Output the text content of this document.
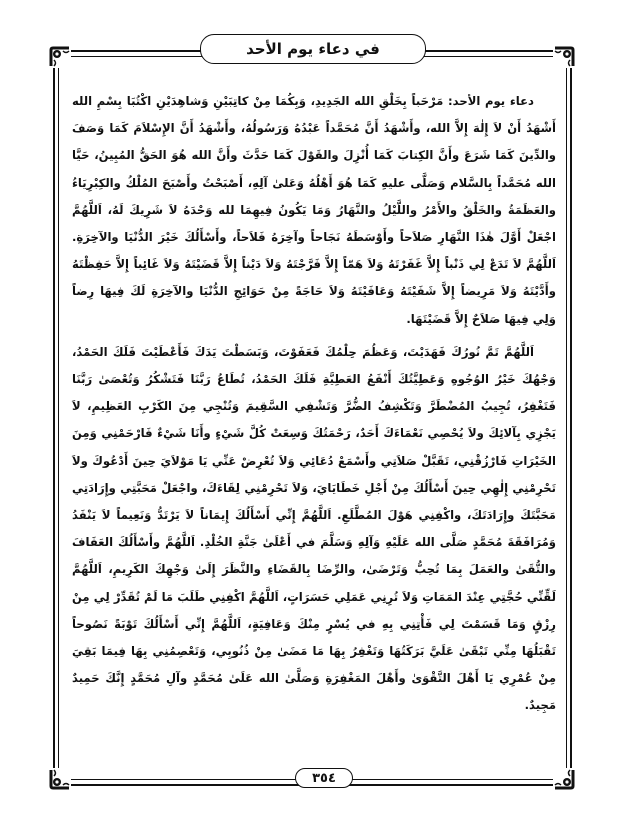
في دعاء يوم الأحد

دعاء يوم الأحد: مَرْحَباً بِخَلْقِ الله الجَدِيدِ، وَبِكُمَا مِنْ كاتِبَيْنِ وَشاهِدَيْنِ اكْتُبَا بِسْمِ الله أَشْهَدُ أَنْ لاَ إِلٰهَ إِلاَّ الله، وأَشْهَدُ أَنَّ مُحَمَّداً عَبْدُهُ وَرَسُولُهُ، وأَشْهَدُ أَنَّ الإِسْلاَمَ كَمَا وَصَفَ والدِّينَ كَمَا شَرَعَ وأَنَّ الكِتابَ كَمَا أُنْزِلَ والقَوْلَ كَمَا حَدَّثَ وأَنَّ الله هُوَ الحَقُّ المُبِينُ، حَيَّا الله مُحَمَّداً بِالسَّلام وَصَلَّى عليهِ كَمَا هُوَ أَهْلُهُ وَعَلىٰ آلِهِ، أَصْبَحْتُ وأَصْبَحَ المُلْكُ والكِبْرِيَاءُ والعَظَمَةُ والخَلْقُ والأَمْرُ واللَّيْلُ والنَّهَارُ وَمَا يَكُونُ فِيهِمَا لله وَحْدَهُ لاَ شَرِيكَ لَهُ، اَللَّهُمَّ اجْعَلْ أَوَّلَ هٰذَا النَّهَارِ صَلاَحاً وأَوْسَطَهُ نَجَاحاً وآخِرَهُ فَلاَحاً، وأَسْأَلُكَ خَيْرَ الدُّنْيَا والآخِرَةِ. اَللَّهُمَّ لاَ تَدَعْ لِي ذَنْباً إِلاَّ غَفَرْتَهُ وَلاَ هَمّاً إِلاَّ فَرَّجْتَهُ وَلاَ دَيْناً إِلاَّ قَضَيْتَهُ وَلاَ غَائِباً إِلاَّ حَفِظْتَهُ وأَدَّيْتَهُ وَلاَ مَرِيضاً إِلاَّ شَفَيْتَهُ وَعَافَيْتَهُ وَلاَ حَاجَةً مِنْ حَوَائِجِ الدُّنْيَا والآخِرَةِ لَكَ فِيهَا رِضاً وَلِي فِيهَا صَلاَحٌ إِلاَّ قَضَيْتَهَا.

اَللَّهُمَّ تَمَّ نُورُكَ فَهَدَيْتَ، وَعَظُمَ حِلْمُكَ فَعَفَوْتَ، وَبَسَطْتَ يَدَكَ فَأَعْطَيْتَ فَلَكَ الحَمْدُ، وَجْهُكَ خَيْرُ الوُجُوهِ وَعَطِيَّتُكَ أَنْفَعُ العَطِيَّةِ فَلَكَ الحَمْدُ، تُطَاعُ رَبَّنَا فَتَشْكُرُ وَتُعْصَىٰ رَبَّنَا فَتَغْفِرُ، تُجِيبُ المُضْطَرَّ وَتَكْشِفُ الضُّرَّ وَتَشْفِي السَّقِيمَ وَتُنْجِي مِنَ الكَرْبِ العَظِيمِ، لاَ يَجْزِي بِآلائِكَ ولاَ يُحْصِي نَعْمَاءَكَ أَحَدٌ، رَحْمَتُكَ وَسِعَتْ كُلَّ شَيْءٍ وأَنَا شَيْءٌ فَارْحَمْنِي وَمِنَ الخَيْرَاتِ فَارْزُقْنِي، تَقَبَّلْ صَلاَتِي وأَسْمَعْ دُعَائِي وَلاَ تُعْرِضْ عَنِّي يَا مَوْلاَيَ حِينَ أَدْعُوكَ ولاَ تَحْرِمْنِي إِلٰهِي حِينَ أَسْأَلُكَ مِنْ أَجْلِ خَطَايَايَ، وَلاَ تَحْرِمْنِي لِقَاءَكَ، واجْعَلْ مَحَبَّتِي وإِرَادَتِي مَحَبَّتَكَ وإِرَادَتَكَ، واكْفِنِي هَوْلَ المُطَّلَعِ. اَللَّهُمَّ إِنِّي أَسْأَلُكَ إِيمَاناً لاَ يَرْتَدُّ وَنَعِيماً لاَ يَنْفَدُ وَمُرَافَقَةَ مُحَمَّدٍ صَلَّى الله عَلَيْهِ وَآلِهِ وَسَلَّمَ في أَعْلَىٰ جَنَّةِ الخُلْدِ. اَللَّهُمَّ وأَسْأَلُكَ العَفَافَ والتُّقَىٰ والعَمَلَ بِمَا تُحِبُّ وَتَرْضَىٰ، والرِّضَا بِالقَضَاءِ والنَّظَرَ إِلَىٰ وَجْهِكَ الكَرِيمِ، اَللَّهُمَّ لَقِّنِّي حُجَّتِي عِنْدَ المَمَاتِ وَلاَ تُرِنِي عَمَلِي حَسَرَاتٍ، اَللَّهُمَّ اكْفِنِي طَلَبَ مَا لَمْ تُقَدِّرْ لِي مِنْ رِزْقٍ وَمَا قَسَمْتَ لِي فَأْتِنِي بِهِ في يُسْرٍ مِنْكَ وَعَافِيَةٍ، اَللَّهُمَّ إِنِّي أَسْأَلُكَ تَوْبَةً نَصُوحاً تَقْبَلُهَا مِنِّي تَبْقَىٰ عَلَيَّ بَرَكَتُهَا وَتَغْفِرُ بِهَا مَا مَضَىٰ مِنْ ذُنُوبِي، وَتَعْصِمُنِي بِهَا فِيمَا بَقِيَ مِنْ عُمْرِي يَا أَهْلَ التَّقْوَىٰ وأَهْلَ المَغْفِرَةِ وَصَلَّىٰ الله عَلَىٰ مُحَمَّدٍ وآلِ مُحَمَّدٍ إِنَّكَ حَمِيدٌ مَجِيدٌ.

٣٥٤
